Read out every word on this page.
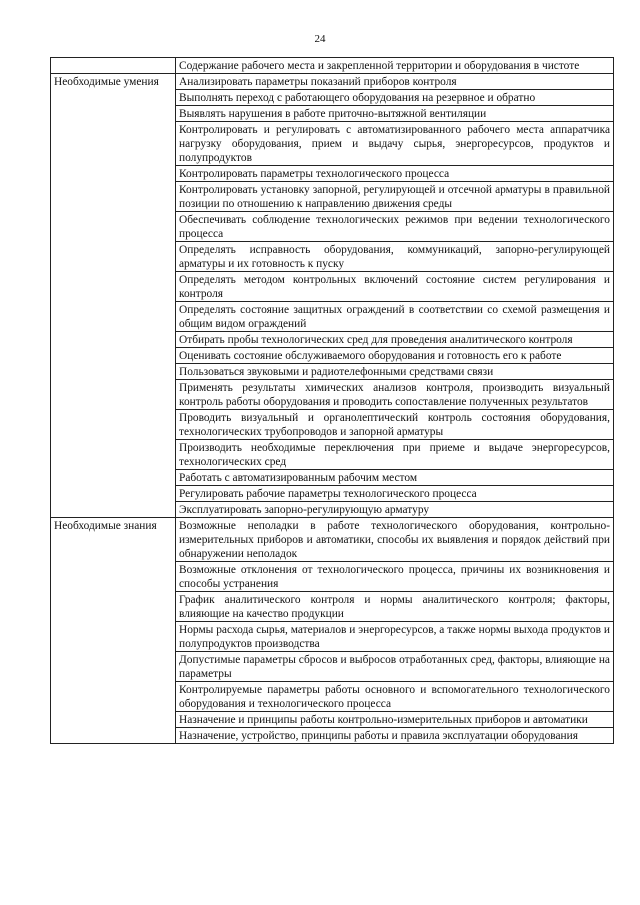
24
	Содержание рабочего места и закрепленной территории и оборудования в чистоте
Необходимые умения	Анализировать параметры показаний приборов контроля
	Выполнять переход с работающего оборудования на резервное и обратно
	Выявлять нарушения в работе приточно-вытяжной вентиляции
	Контролировать и регулировать с автоматизированного рабочего места аппаратчика нагрузку оборудования, прием и выдачу сырья, энергоресурсов, продуктов и полупродуктов
	Контролировать параметры технологического процесса
	Контролировать установку запорной, регулирующей и отсечной арматуры в правильной позиции по отношению к направлению движения среды
	Обеспечивать соблюдение технологических режимов при ведении технологического процесса
	Определять исправность оборудования, коммуникаций, запорно-регулирующей арматуры и их готовность к пуску
	Определять методом контрольных включений состояние систем регулирования и контроля
	Определять состояние защитных ограждений в соответствии со схемой размещения и общим видом ограждений
	Отбирать пробы технологических сред для проведения аналитического контроля
	Оценивать состояние обслуживаемого оборудования и готовность его к работе
	Пользоваться звуковыми и радиотелефонными средствами связи
	Применять результаты химических анализов контроля, производить визуальный контроль работы оборудования и проводить сопоставление полученных результатов
	Проводить визуальный и органолептический контроль состояния оборудования, технологических трубопроводов и запорной арматуры
	Производить необходимые переключения при приеме и выдаче энергоресурсов, технологических сред
	Работать с автоматизированным рабочим местом
	Регулировать рабочие параметры технологического процесса
	Эксплуатировать запорно-регулирующую арматуру
Необходимые знания	Возможные неполадки в работе технологического оборудования, контрольно-измерительных приборов и автоматики, способы их выявления и порядок действий при обнаружении неполадок
	Возможные отклонения от технологического процесса, причины их возникновения и способы устранения
	График аналитического контроля и нормы аналитического контроля; факторы, влияющие на качество продукции
	Нормы расхода сырья, материалов и энергоресурсов, а также нормы выхода продуктов и полупродуктов производства
	Допустимые параметры сбросов и выбросов отработанных сред, факторы, влияющие на параметры
	Контролируемые параметры работы основного и вспомогательного технологического оборудования и технологического процесса
	Назначение и принципы работы контрольно-измерительных приборов и автоматики
	Назначение, устройство, принципы работы и правила эксплуатации оборудования
